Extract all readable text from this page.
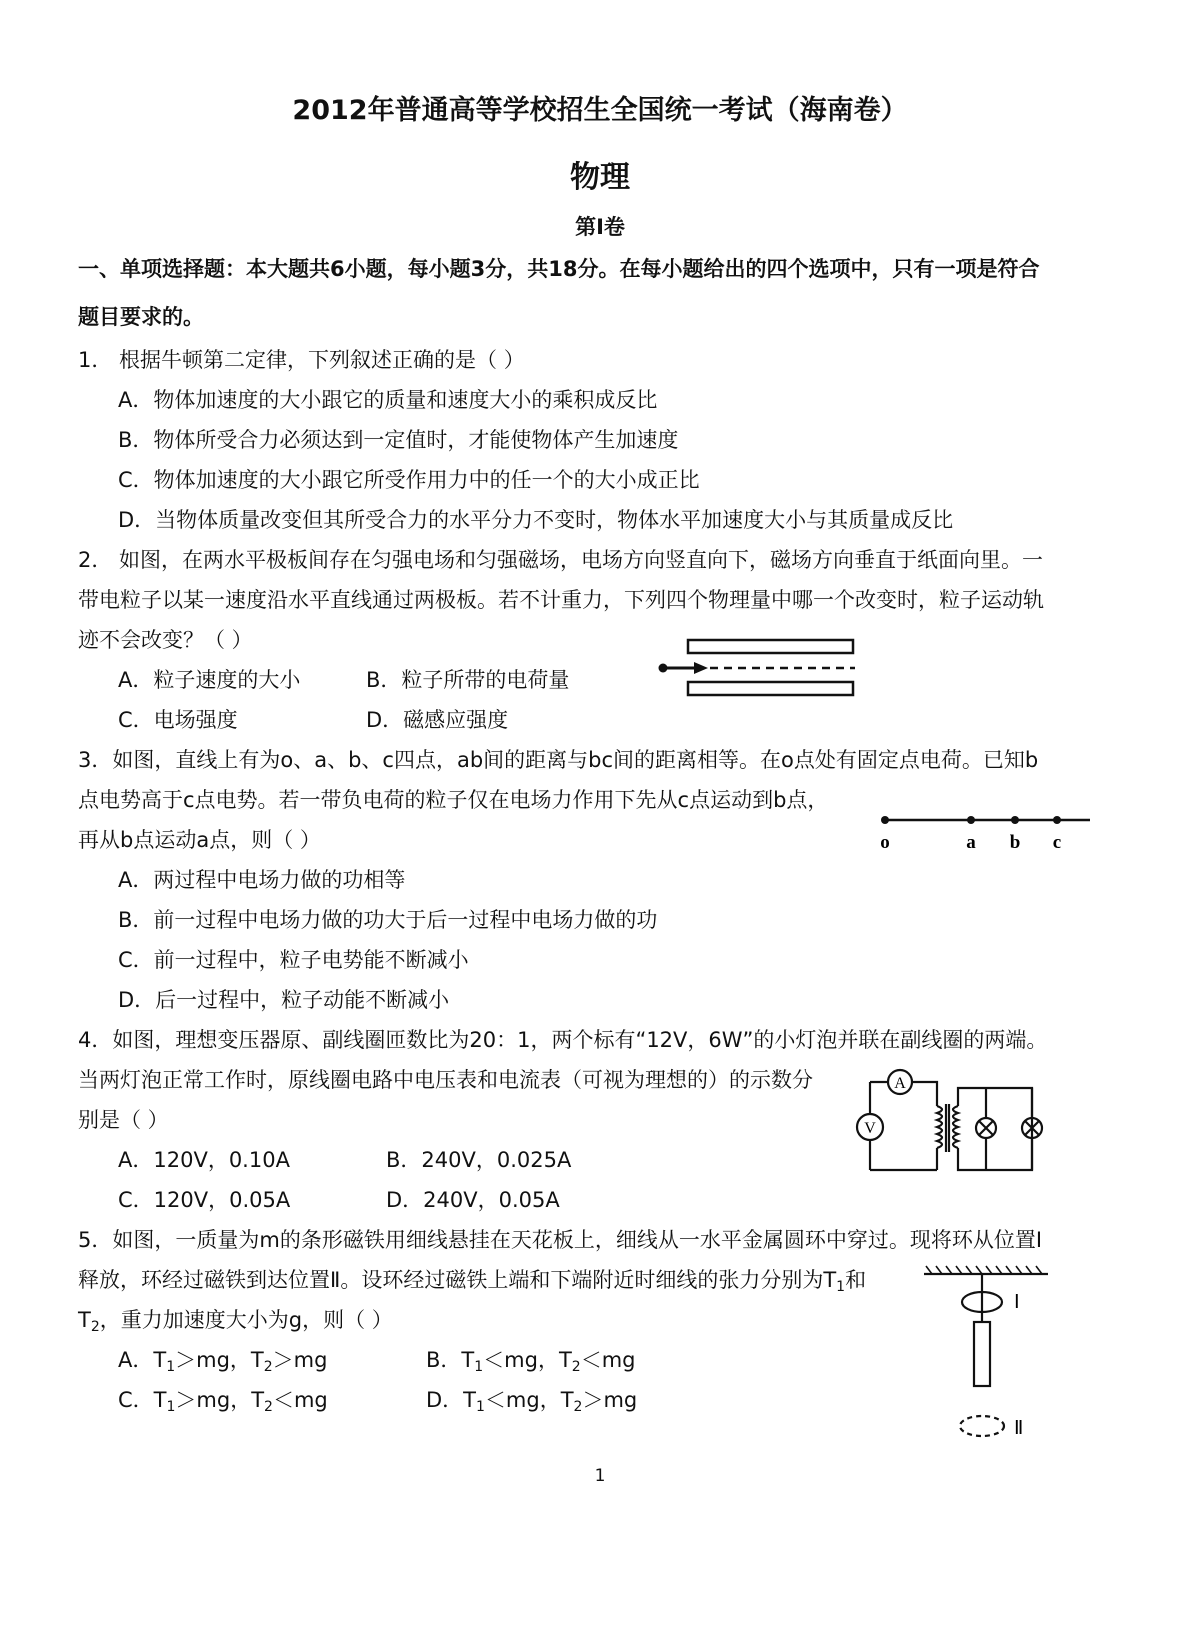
2012年普通高等学校招生全国统一考试（海南卷）
物理
第I卷
一、单项选择题：本大题共6小题，每小题3分，共18分。在每小题给出的四个选项中，只有一项是符合
题目要求的。
1． 根据牛顿第二定律，下列叙述正确的是（ ）
A．物体加速度的大小跟它的质量和速度大小的乘积成反比
B．物体所受合力必须达到一定值时，才能使物体产生加速度
C．物体加速度的大小跟它所受作用力中的任一个的大小成正比
D．当物体质量改变但其所受合力的水平分力不变时，物体水平加速度大小与其质量成反比
2． 如图，在两水平极板间存在匀强电场和匀强磁场，电场方向竖直向下，磁场方向垂直于纸面向里。一
带电粒子以某一速度沿水平直线通过两极板。若不计重力，下列四个物理量中哪一个改变时，粒子运动轨
迹不会改变？（ ）
A．粒子速度的大小	B．粒子所带的电荷量
C．电场强度	D．磁感应强度
3．如图，直线上有为o、a、b、c四点，ab间的距离与bc间的距离相等。在o点处有固定点电荷。已知b
点电势高于c点电势。若一带负电荷的粒子仅在电场力作用下先从c点运动到b点，
再从b点运动a点，则（ ）
A．两过程中电场力做的功相等
B．前一过程中电场力做的功大于后一过程中电场力做的功
C．前一过程中，粒子电势能不断减小
D．后一过程中，粒子动能不断减小
o	a b c
4．如图，理想变压器原、副线圈匝数比为20：1，两个标有“12V，6W”的小灯泡并联在副线圈的两端。
当两灯泡正常工作时，原线圈电路中电压表和电流表（可视为理想的）的示数分
别是（ ）
A．120V，0.10A	B．240V，0.025A
C．120V，0.05A	D．240V，0.05A
A
V
5．如图，一质量为m的条形磁铁用细线悬挂在天花板上，细线从一水平金属圆环中穿过。现将环从位置Ⅰ
释放，环经过磁铁到达位置Ⅱ。设环经过磁铁上端和下端附近时细线的张力分别为$T_1$和
$T_2$，重力加速度大小为g，则（ ）
A．$T_1>mg$，$T_2>mg$	B．$T_1<mg$，$T_2<mg$
C．$T_1>mg$，$T_2<mg$	D．$T_1<mg$，$T_2>mg$
Ⅰ
Ⅱ
1
